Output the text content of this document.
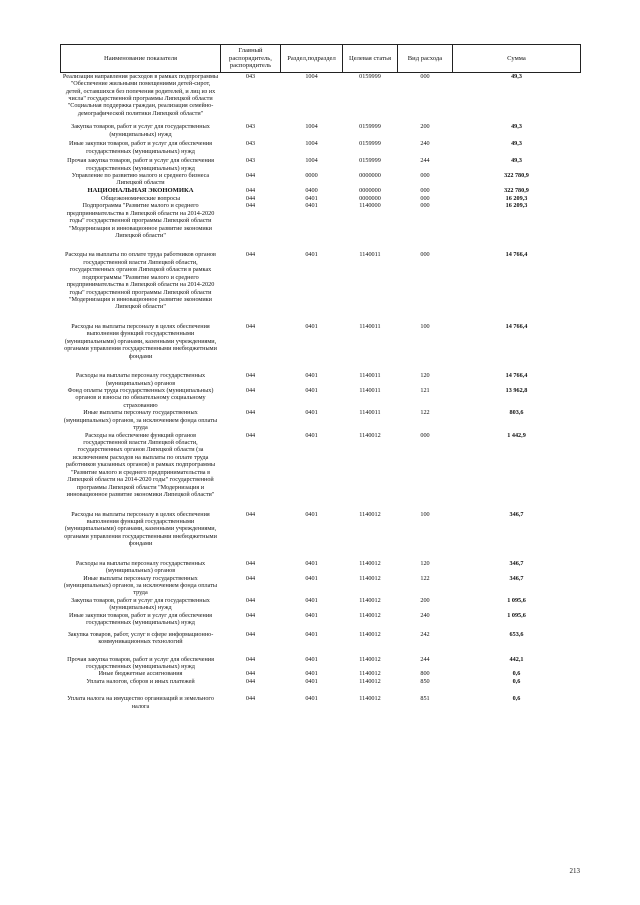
Наименование показателя	Главный распорядитель, распорядитель	Раздел,подраздел	Целевая статья	Вид расхода	Сумма
Реализация направления расходов в рамках подпрограммы "Обеспечение жильными помещениями детей-сирот, детей, оставшихся без попечения родителей, и лиц из их числа" государственной программы Липецкой области "Социальная поддержка граждан, реализация семейно-демографической политики Липецкой области"	043	1004	0159999	000	49,3
Закупка товаров, работ и услуг для государственных (муниципальных) нужд	043	1004	0159999	200	49,3
Иные закупки товаров, работ и услуг для обеспечения государственных (муниципальных) нужд	043	1004	0159999	240	49,3
Прочая закупка товаров, работ и услуг для обеспечения государственных (муниципальных) нужд	043	1004	0159999	244	49,3
Управление по развитию малого и среднего бизнеса Липецкой области	044	0000	0000000	000	322 780,9
НАЦИОНАЛЬНАЯ ЭКОНОМИКА	044	0400	0000000	000	322 780,9
Общеэкономические вопросы	044	0401	0000000	000	16 209,3
Подпрограмма "Развитие малого и среднего предпринимательства в Липецкой области на 2014-2020 годы" государственной программы Липецкой области "Модернизация и инновационное развитие экономики Липецкой области"	044	0401	1140000	000	16 209,3
Расходы на выплаты по оплате труда работников органов государственной власти Липецкой области, государственных органов Липецкой области в рамках подпрограммы "Развитие малого и среднего предпринимательства в Липецкой области на 2014-2020 годы" государственной программы Липецкой области "Модернизация и инновационное развитие экономики Липецкой области"	044	0401	1140011	000	14 766,4
Расходы на выплаты персоналу в целях обеспечения выполнения функций государственными (муниципальными) органами, казенными учреждениями, органами управления государственными внебюджетными фондами	044	0401	1140011	100	14 766,4
Расходы на выплаты персоналу государственных (муниципальных) органов	044	0401	1140011	120	14 766,4
Фонд оплаты труда государственных (муниципальных) органов и взносы по обязательному социальному страхованию	044	0401	1140011	121	13 962,8
Иные выплаты персоналу государственных (муниципальных) органов, за исключением фонда оплаты труда	044	0401	1140011	122	803,6
Расходы на обеспечение функций органов государственной власти Липецкой области, государственных органов Липецкой области (за исключением расходов на выплаты по оплате труда работников указанных органов) в рамках подпрограммы "Развитие малого и среднего предпринимательства в Липецкой области на 2014-2020 годы" государственной программы Липецкой области "Модернизация и инновационное развитие экономики Липецкой области"	044	0401	1140012	000	1 442,9
Расходы на выплаты персоналу в целях обеспечения выполнения функций государственными (муниципальными) органами, казенными учреждениями, органами управления государственными внебюджетными фондами	044	0401	1140012	100	346,7
Расходы на выплаты персоналу государственных (муниципальных) органов	044	0401	1140012	120	346,7
Иные выплаты персоналу государственных (муниципальных) органов, за исключением фонда оплаты труда	044	0401	1140012	122	346,7
Закупка товаров, работ и услуг для государственных (муниципальных) нужд	044	0401	1140012	200	1 095,6
Иные закупки товаров, работ и услуг для обеспечения государственных (муниципальных) нужд	044	0401	1140012	240	1 095,6
Закупка товаров, работ, услуг в сфере информационно-коммуникационных технологий	044	0401	1140012	242	653,6
Прочая закупка товаров, работ и услуг для обеспечения государственных (муниципальных) нужд	044	0401	1140012	244	442,1
Иные бюджетные ассигнования	044	0401	1140012	800	0,6
Уплата налогов, сборов и иных платежей	044	0401	1140012	850	0,6
Уплата налога на имущество организаций и земельного налога	044	0401	1140012	851	0,6
213
